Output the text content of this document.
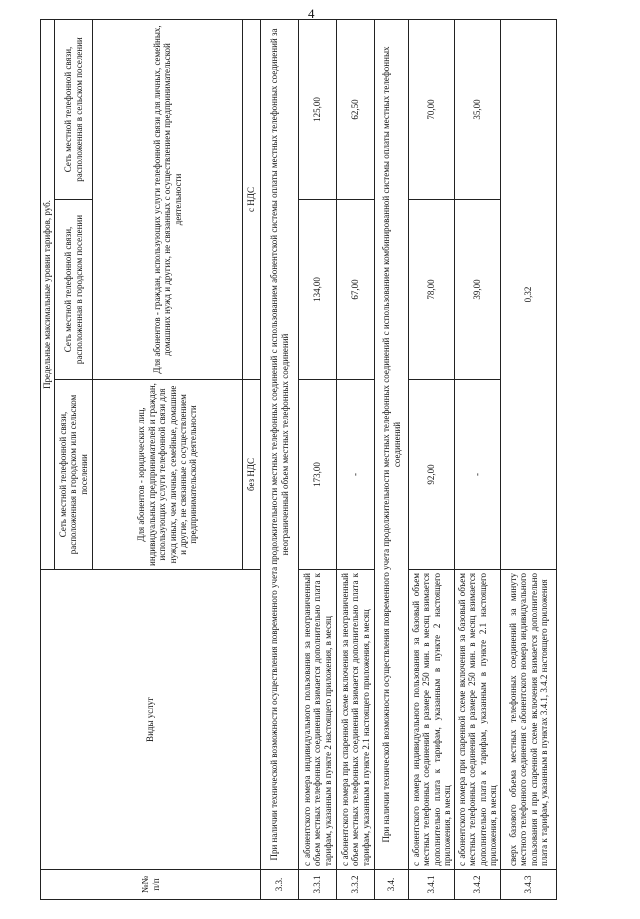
4
№№ п/п	Виды услуг	Предельные максимальные уровни тарифов, руб.		
		Сеть местной телефонной связи, расположенная в городском или сельском поселении	Сеть местной телефонной связи, расположенная в городском поселении	Сеть местной телефонной связи, расположенная в сельском поселении
		Для абонентов - юридических лиц, индивидуальных предпринимателей и граждан, использующих услуги телефонной связи для нужд иных, чем личные, семейные, домашние и другие, не связанные с осуществлением предпринимательской деятельности	Для абонентов - граждан, использующих услуги телефонной связи для личных, семейных, домашних нужд и других, не связанных с осуществлением предпринимательской деятельности	
		без НДС	с НДС	
3.3.	При наличии технической возможности осуществления повременного учета продолжительности местных телефонных соединений с использованием абонентской системы оплаты местных телефонных соединений за неограниченный объем местных телефонных соединений			
3.3.1	с абонентского номера индивидуального пользования за неограниченный объем местных телефонных соединений взимается дополнительно плата к тарифам, указанным в пункте 2 настоящего приложения, в месяц	173,00	134,00	125,00
3.3.2	с абонентского номера при спаренной схеме включения за неограниченный объем местных телефонных соединений взимается дополнительно плата к тарифам, указанным в пункте 2.1 настоящего приложения, в месяц	-	67,00	62,50
3.4.	При наличии технической возможности осуществления повременного учета продолжительности местных телефонных соединений с использованием комбинированной системы оплаты местных телефонных соединений			
3.4.1	с абонентского номера индивидуального пользования за базовый объем местных телефонных соединений в размере 250 мин. в месяц взимается дополнительно плата к тарифам, указанным в пункте 2 настоящего приложения, в месяц	92,00	78,00	70,00
3.4.2	с абонентского номера при спаренной схеме включения за базовый объем местных телефонных соединений в размере 250 мин. в месяц взимается дополнительно плата к тарифам, указанным в пункте 2.1 настоящего приложения, в месяц	-	39,00	35,00
3.4.3	сверх базового объема местных телефонных соединений за минуту местного телефонного соединения с абонентского номера индивидуального пользования и при спаренной схеме включения взимается дополнительно плата к тарифам, указанным в пунктах 3.4.1, 3.4.2 настоящего приложения	0,32		
